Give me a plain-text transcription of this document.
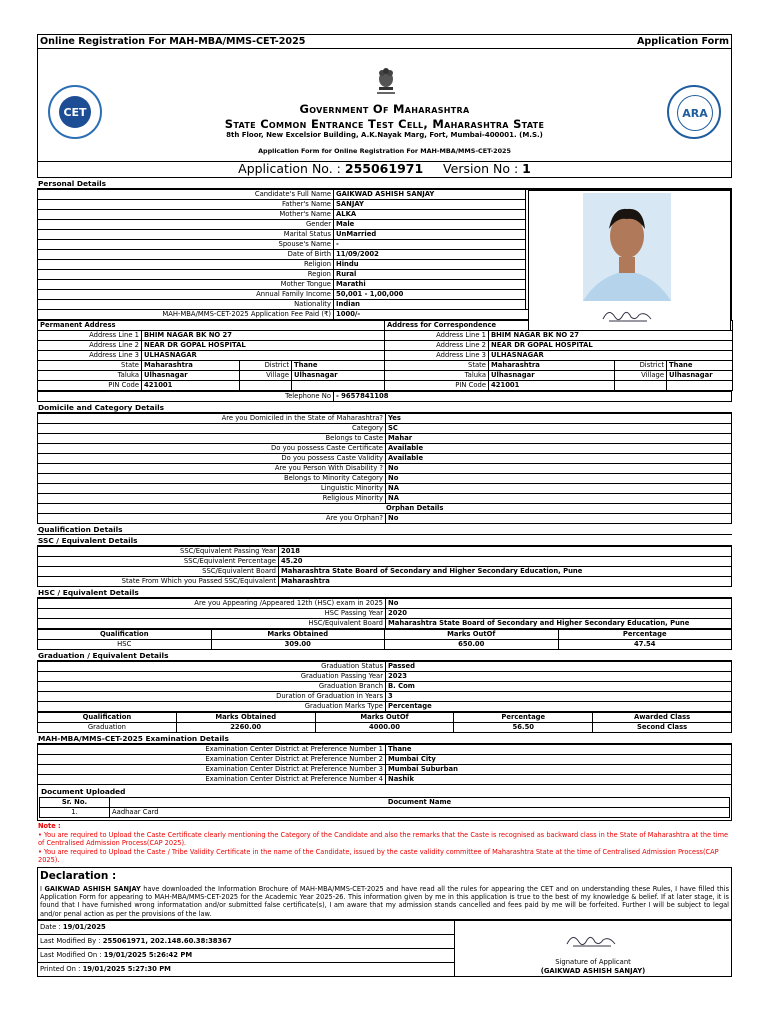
Online Registration For MAH-MBA/MMS-CET-2025	Application Form
CET	Government Of Maharashtra
State Common Entrance Test Cell, Maharashtra State
8th Floor, New Excelsior Building, A.K.Nayak Marg, Fort, Mumbai-400001. (M.S.)
Application Form for Online Registration For MAH-MBA/MMS-CET-2025
ARA
Application No. : 255061971 Version No : 1
Personal Details
Candidate's Full Name	GAIKWAD ASHISH SANJAY	
Father's Name	SANJAY	
Mother's Name	ALKA	
Gender	Male	
Marital Status	UnMarried	
Spouse's Name	-	
Date of Birth	11/09/2002	
Religion	Hindu	
Region	Rural	
Mother Tongue	Marathi	
Annual Family Income	50,001 - 1,00,000	
Nationality	Indian	
MAH-MBA/MMS-CET-2025 Application Fee Paid (₹)	1000/-	
Permanent Address				Address for Correspondence			
Address Line 1	BHIM NAGAR BK NO 27			Address Line 1	BHIM NAGAR BK NO 27		
Address Line 2	NEAR DR GOPAL HOSPITAL			Address Line 2	NEAR DR GOPAL HOSPITAL		
Address Line 3	ULHASNAGAR			Address Line 3	ULHASNAGAR		
State	Maharashtra	District	Thane	State	Maharashtra	District	Thane
Taluka	Ulhasnagar	Village	Ulhasnagar	Taluka	Ulhasnagar	Village	Ulhasnagar
PIN Code	421001			PIN Code	421001		
Telephone No	- 9657841108
Domicile and Category Details
Are you Domiciled in the State of Maharashtra?	Yes
Category	SC
Belongs to Caste	Mahar
Do you possess Caste Certificate	Available
Do you possess Caste Validity	Available
Are you Person With Disability ?	No
Belongs to Minority Category	No
Linguistic Minority	NA
Religious Minority	NA
Orphan Details	
Are you Orphan?	No
Qualification Details
SSC / Equivalent Details
SSC/Equivalent Passing Year	2018
SSC/Equivalent Percentage	45.20
SSC/Equivalent Board	Maharashtra State Board of Secondary and Higher Secondary Education, Pune
State From Which you Passed SSC/Equivalent	Maharashtra
HSC / Equivalent Details
Are you Appearing /Appeared 12th (HSC) exam in 2025	No
HSC Passing Year	2020
HSC/Equivalent Board	Maharashtra State Board of Secondary and Higher Secondary Education, Pune
Qualification	Marks Obtained	Marks OutOf	Percentage
HSC	309.00	650.00	47.54
Graduation / Equivalent Details
Graduation Status	Passed
Graduation Passing Year	2023
Graduation Branch	B. Com
Duration of Graduation in Years	3
Graduation Marks Type	Percentage
Qualification	Marks Obtained	Marks OutOf	Percentage	Awarded Class
Graduation	2260.00	4000.00	56.50	Second Class
MAH-MBA/MMS-CET-2025 Examination Details
Examination Center District at Preference Number 1	Thane
Examination Center District at Preference Number 2	Mumbai City
Examination Center District at Preference Number 3	Mumbai Suburban
Examination Center District at Preference Number 4	Nashik
Document Uploaded
Sr. No.	Document Name
1.	Aadhaar Card
Note :
• You are required to Upload the Caste Certificate clearly mentioning the Category of the Candidate and also the remarks that the Caste is recognised as backward class in the State of Maharashtra at the time of Centralised Admission Process(CAP 2025).
• You are required to Upload the Caste / Tribe Validity Certificate in the name of the Candidate, issued by the caste validity committee of Maharashtra State at the time of Centralised Admission Process(CAP 2025).
Declaration :
I GAIKWAD ASHISH SANJAY have downloaded the Information Brochure of MAH-MBA/MMS-CET-2025 and have read all the rules for appearing the CET and on understanding these Rules, I have filled this Application Form for appearing to MAH-MBA/MMS-CET-2025 for the Academic Year 2025-26. This information given by me in this application is true to the best of my knowledge & belief. If at later stage, it is found that I have furnished wrong informatation and/or submitted false certificate(s), I am aware that my admission stands cancelled and fees paid by me will be forfeited. Further I will be subject to legal and/or penal action as per the provisions of the law.
Date : 19/01/2025	
Signature of Applicant
(GAIKWAD ASHISH SANJAY)

Last Modified By : 255061971, 202.148.60.38:38367
Last Modified On : 19/01/2025 5:26:42 PM
Printed On : 19/01/2025 5:27:30 PM
